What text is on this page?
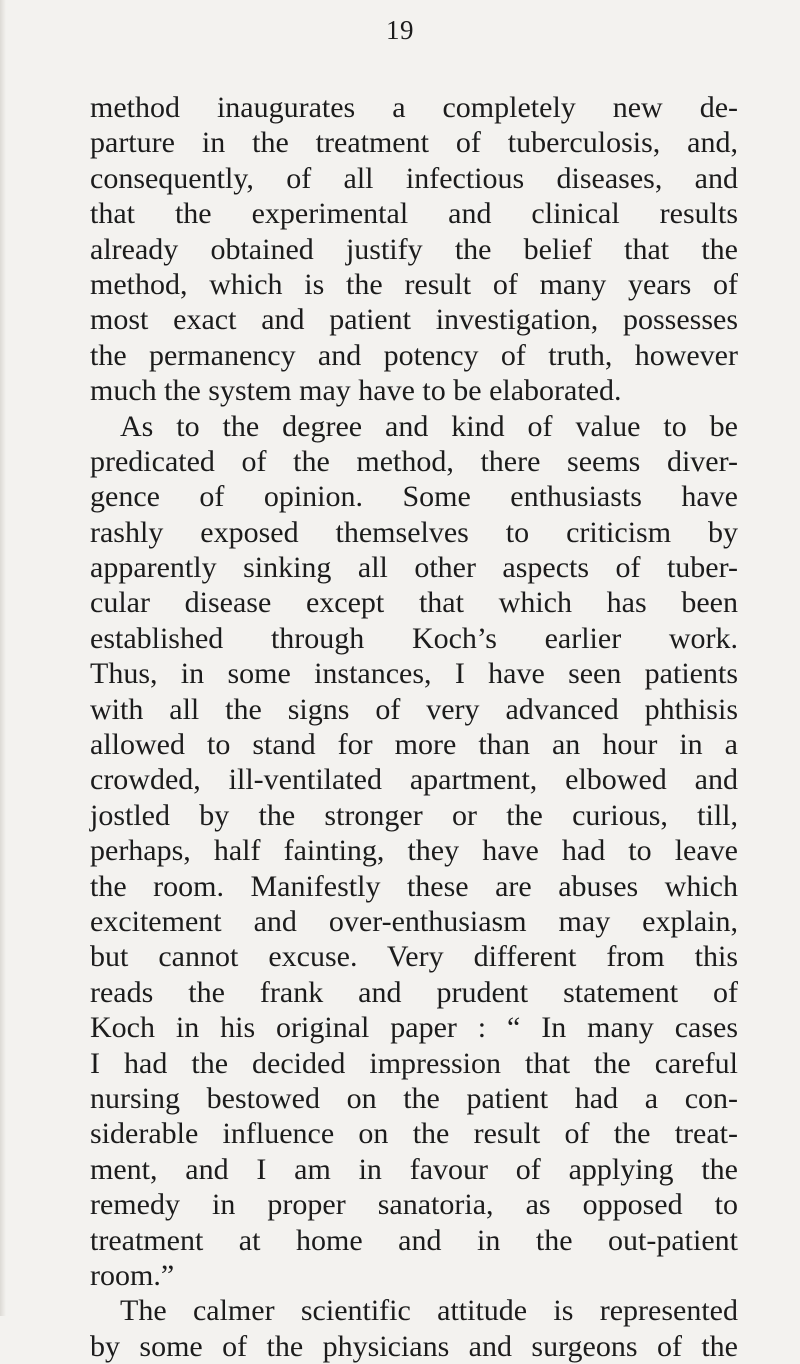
19
method inaugurates a completely new de-
parture in the treatment of tuberculosis, and,
consequently, of all infectious diseases, and
that the experimental and clinical results
already obtained justify the belief that the
method, which is the result of many years of
most exact and patient investigation, possesses
the permanency and potency of truth, however
much the system may have to be elaborated.
As to the degree and kind of value to be
predicated of the method, there seems diver-
gence of opinion. Some enthusiasts have
rashly exposed themselves to criticism by
apparently sinking all other aspects of tuber-
cular disease except that which has been
established through Koch’s earlier work.
Thus, in some instances, I have seen patients
with all the signs of very advanced phthisis
allowed to stand for more than an hour in a
crowded, ill-ventilated apartment, elbowed and
jostled by the stronger or the curious, till,
perhaps, half fainting, they have had to leave
the room. Manifestly these are abuses which
excitement and over-enthusiasm may explain,
but cannot excuse. Very different from this
reads the frank and prudent statement of
Koch in his original paper : “ In many cases
I had the decided impression that the careful
nursing bestowed on the patient had a con-
siderable influence on the result of the treat-
ment, and I am in favour of applying the
remedy in proper sanatoria, as opposed to
treatment at home and in the out-patient
room.”
The calmer scientific attitude is represented
by some of the physicians and surgeons of the
